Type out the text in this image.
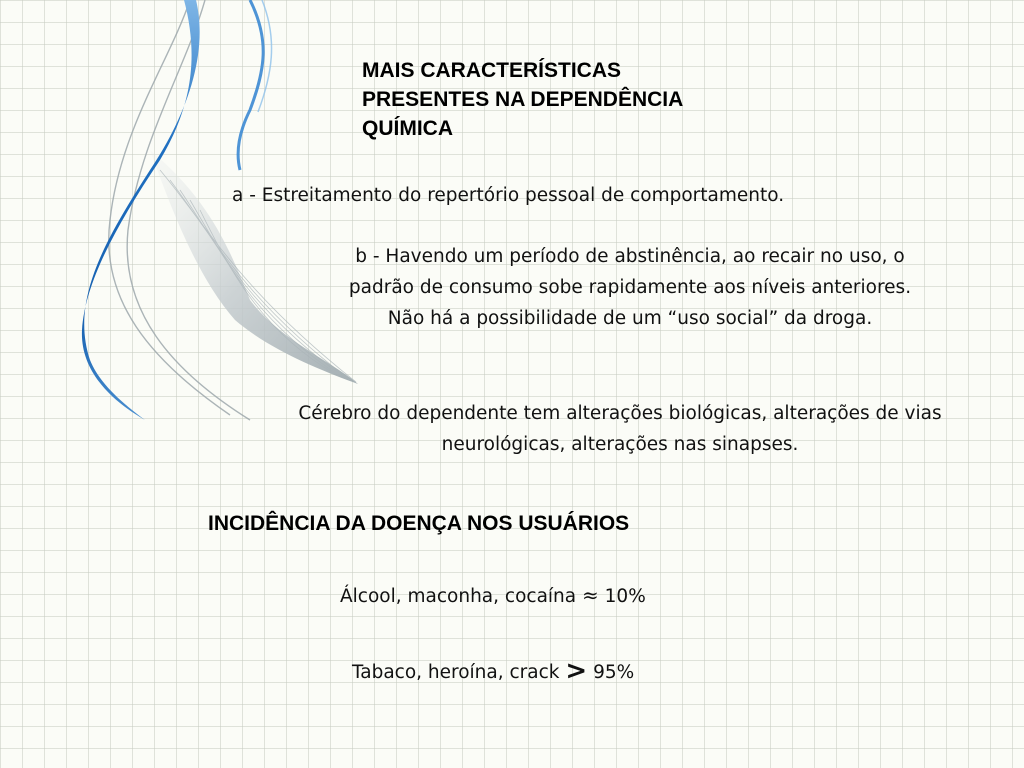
MAIS CARACTERÍSTICAS
PRESENTES NA DEPENDÊNCIA
QUÍMICA

a - Estreitamento do repertório pessoal de comportamento.

b - Havendo um período de abstinência, ao recair no uso, o
padrão de consumo sobe rapidamente aos níveis anteriores.
Não há a possibilidade de um “uso social” da droga.
Cérebro do dependente tem alterações biológicas, alterações de vias
neurológicas, alterações nas sinapses.
INCIDÊNCIA DA DOENÇA NOS USUÁRIOS

Álcool, maconha, cocaína ≈ 10%

Tabaco, heroína, crack > 95%
